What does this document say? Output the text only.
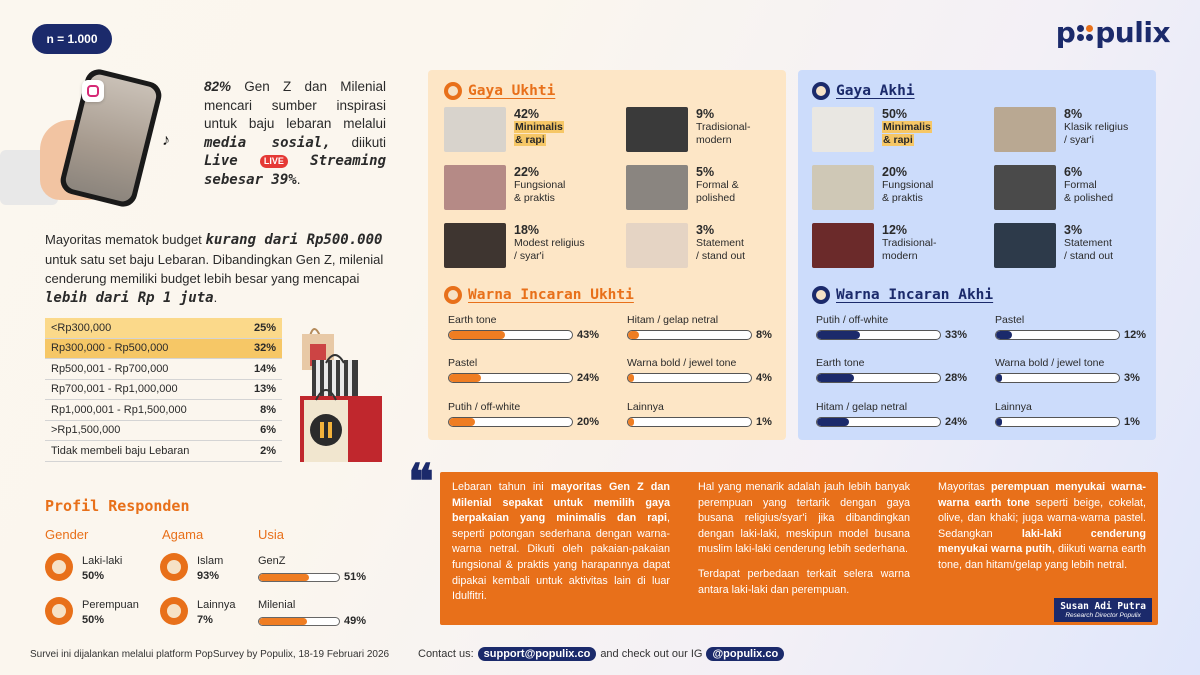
n = 1.000	p pulix
♪
82% Gen Z dan Milenial mencari sumber inspirasi untuk baju lebaran melalui media sosial, diikuti Live	LIVE Streaming sebesar 39%.
Mayoritas mematok budget kurang dari Rp500.000 untuk satu set baju Lebaran. Dibandingkan Gen Z, milenial cenderung memiliki budget lebih besar yang mencapai lebih dari Rp 1 juta.
<Rp300,000	25%
Rp300,000 - Rp500,000	32%
Rp500,001 - Rp700,000	14%
Rp700,001 - Rp1,000,000	13%
Rp1,000,001 - Rp1,500,000	8%
>Rp1,500,000	6%
Tidak membeli baju Lebaran	2%
Profil Responden
Gender	Agama	Usia
Laki-laki
50%
Perempuan
50%
Islam
93%
Lainnya
7%
GenZ
51%
Milenial
49%
Gaya Ukhti
42%
Minimalis
& rapi
9%
Tradisional-
modern
22%
Fungsional
& praktis
5%
Formal &
polished
18%
Modest religius
/ syar'i
3%
Statement
/ stand out
Warna Incaran Ukhti
Earth tone
43%
Hitam / gelap netral
8%
Pastel
24%
Warna bold / jewel tone
4%
Putih / off-white
20%
Lainnya
1%
Gaya Akhi
50%
Minimalis
& rapi
8%
Klasik religius
/ syar'i
20%
Fungsional
& praktis
6%
Formal
& polished
12%
Tradisional-
modern
3%
Statement
/ stand out
Warna Incaran Akhi
Putih / off-white
33%
Pastel
12%
Earth tone
28%
Warna bold / jewel tone
3%
Hitam / gelap netral
24%
Lainnya
1%
❝ Lebaran tahun ini mayoritas Gen Z dan Milenial sepakat untuk memilih gaya berpakaian yang minimalis dan rapi, seperti potongan sederhana dengan warna-warna netral. Dikuti oleh pakaian-pakaian fungsional & praktis yang harapannya dapat dipakai kembali untuk aktivitas lain di luar Idulfitri.

Hal yang menarik adalah jauh lebih banyak perempuan yang tertarik dengan gaya busana religius/syar'i jika dibandingkan dengan laki-laki, meskipun model busana muslim laki-laki cenderung lebih sederhana.

Terdapat perbedaan terkait selera warna antara laki-laki dan perempuan.

Mayoritas perempuan menyukai warna-warna earth tone seperti beige, cokelat, olive, dan khaki; juga warna-warna pastel. Sedangkan	laki-laki cenderung menyukai warna putih, diikuti warna earth tone, dan hitam/gelap yang lebih netral.
Susan Adi Putra
Research Director Populix
Survei ini dijalankan melalui platform PopSurvey by Populix, 18-19 Februari 2026	Contact us: support@populix.co and check out our IG @populix.co
